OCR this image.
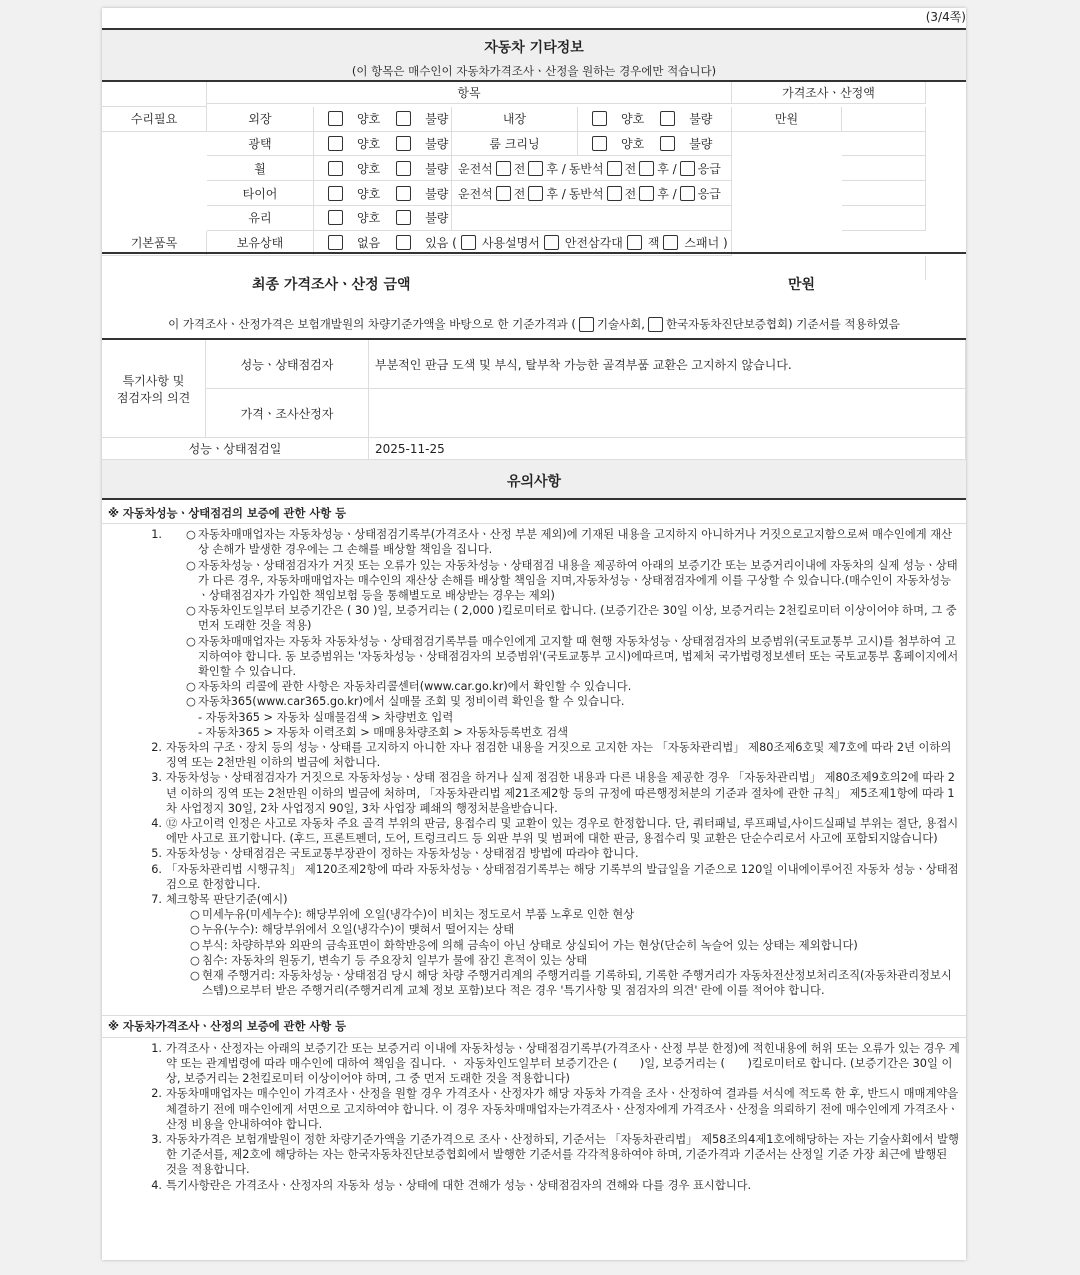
(3/4쪽)
자동차 기타정보
(이 항목은 매수인이 자동차가격조사ㆍ산정을 원하는 경우에만 적습니다)
항목	가격조사ㆍ산정액
수리필요	외장	양호	불량	내장	양호	불량	만원
광택	양호	불량	룸 크리닝	양호	불량
휠	양호	불량 운전석 전 후 / 동반석 전 후 / 응급
타이어	양호	불량 운전석 전 후 / 동반석 전 후 / 응급
유리	양호	불량
기본품목	보유상태	없음	있음 ( 사용설명서 안전삼각대 잭 스패너 )
최종 가격조사ㆍ산정 금액	만원
이 가격조사ㆍ산정가격은 보험개발원의 차량기준가액을 바탕으로 한 기준가격과 ( 기술사회, 한국자동차진단보증협회) 기준서를 적용하였음
특기사항 및
점검자의 의견
성능ㆍ상태점검자	부분적인 판금 도색 및 부식, 탈부착 가능한 골격부품 교환은 고지하지 않습니다.
가격ㆍ조사산정자
성능ㆍ상태점검일	2025-11-25
유의사항
※ 자동차성능ㆍ상태점검의 보증에 관한 사항 등
1.	○ 자동차매매업자는 자동차성능ㆍ상태점검기록부(가격조사ㆍ산정 부분 제외)에 기재된 내용을 고지하지 아니하거나 거짓으로고지함으로써 매수인에게 재산상 손해가 발생한 경우에는 그 손해를 배상할 책임을 집니다.
○ 자동차성능ㆍ상태점검자가 거짓 또는 오류가 있는 자동차성능ㆍ상태점검 내용을 제공하여 아래의 보증기간 또는 보증거리이내에 자동차의 실제 성능ㆍ상태가 다른 경우, 자동차매매업자는 매수인의 재산상 손해를 배상할 책임을 지며,자동차성능ㆍ상태점검자에게 이를 구상할 수 있습니다.(매수인이 자동차성능ㆍ상태점검자가 가입한 책임보험 등을 통해별도로 배상받는 경우는 제외)
○ 자동차인도일부터 보증기간은 ( 30 )일, 보증거리는 ( 2,000 )킬로미터로 합니다. (보증기간은 30일 이상, 보증거리는 2천킬로미터 이상이어야 하며, 그 중 먼저 도래한 것을 적용)
○ 자동차매매업자는 자동차 자동차성능ㆍ상태점검기록부를 매수인에게 고지할 때 현행 자동차성능ㆍ상태점검자의 보증범위(국토교통부 고시)를 첨부하여 고지하여야 합니다. 동 보증범위는 '자동차성능ㆍ상태점검자의 보증범위'(국토교통부 고시)에따르며, 법제처 국가법령정보센터 또는 국토교통부 홈페이지에서 확인할 수 있습니다.
○ 자동차의 리콜에 관한 사항은 자동차리콜센터(www.car.go.kr)에서 확인할 수 있습니다.
○ 자동차365(www.car365.go.kr)에서 실매물 조회 및 정비이력 확인을 할 수 있습니다.
- 자동차365 > 자동차 실매물검색 > 차량번호 입력
- 자동차365 > 자동차 이력조회 > 매매용차량조회 > 자동차등록번호 검색
2. 자동차의 구조ㆍ장치 등의 성능ㆍ상태를 고지하지 아니한 자나 점검한 내용을 거짓으로 고지한 자는 「자동차관리법」 제80조제6호및 제7호에 따라 2년 이하의 징역 또는 2천만원 이하의 벌금에 처합니다.
3. 자동차성능ㆍ상태점검자가 거짓으로 자동차성능ㆍ상태 점검을 하거나 실제 점검한 내용과 다른 내용을 제공한 경우 「자동차관리법」 제80조제9호의2에 따라 2년 이하의 징역 또는 2천만원 이하의 벌금에 처하며, 「자동차관리법 제21조제2항 등의 규정에 따른행정처분의 기준과 절차에 관한 규칙」 제5조제1항에 따라 1차 사업정지 30일, 2차 사업정지 90일, 3차 사업장 폐쇄의 행정처분을받습니다.
4. ⑫ 사고이력 인정은 사고로 자동차 주요 골격 부위의 판금, 용접수리 및 교환이 있는 경우로 한정합니다. 단, 쿼터패널, 루프패널,사이드실패널 부위는 절단, 용접시에만 사고로 표기합니다. (후드, 프론트펜더, 도어, 트렁크리드 등 외판 부위 및 범퍼에 대한 판금, 용접수리 및 교환은 단순수리로서 사고에 포함되지않습니다)
5. 자동차성능ㆍ상태점검은 국토교통부장관이 정하는 자동차성능ㆍ상태점검 방법에 따라야 합니다.
6. 「자동차관리법 시행규칙」 제120조제2항에 따라 자동차성능ㆍ상태점검기록부는 해당 기록부의 발급일을 기준으로 120일 이내에이루어진 자동차 성능ㆍ상태점검으로 한정합니다.
7. 체크항목 판단기준(예시)
○ 미세누유(미세누수): 해당부위에 오일(냉각수)이 비치는 정도로서 부품 노후로 인한 현상
○ 누유(누수): 해당부위에서 오일(냉각수)이 맺혀서 떨어지는 상태
○ 부식: 차량하부와 외판의 금속표면이 화학반응에 의해 금속이 아닌 상태로 상실되어 가는 현상(단순히 녹슬어 있는 상태는 제외합니다)
○ 침수: 자동차의 원동기, 변속기 등 주요장치 일부가 물에 잠긴 흔적이 있는 상태
○ 현재 주행거리: 자동차성능ㆍ상태점검 당시 해당 차량 주행거리계의 주행거리를 기록하되, 기록한 주행거리가 자동차전산정보처리조직(자동차관리정보시스템)으로부터 받은 주행거리(주행거리계 교체 정보 포함)보다 적은 경우 '특기사항 및 점검자의 의견' 란에 이를 적어야 합니다.
※ 자동차가격조사ㆍ산정의 보증에 관한 사항 등
1. 가격조사ㆍ산정자는 아래의 보증기간 또는 보증거리 이내에 자동차성능ㆍ상태점검기록부(가격조사ㆍ산정 부분 한정)에 적힌내용에 허위 또는 오류가 있는 경우 계약 또는 관계법령에 따라 매수인에 대하여 책임을 집니다. ㆍ 자동차인도일부터 보증기간은 (　　)일, 보증거리는 (　　)킬로미터로 합니다. (보증기간은 30일 이상, 보증거리는 2천킬로미터 이상이어야 하며, 그 중 먼저 도래한 것을 적용합니다)
2. 자동차매매업자는 매수인이 가격조사ㆍ산정을 원할 경우 가격조사ㆍ산정자가 해당 자동차 가격을 조사ㆍ산정하여 결과를 서식에 적도록 한 후, 반드시 매매계약을 체결하기 전에 매수인에게 서면으로 고지하여야 합니다. 이 경우 자동차매매업자는가격조사ㆍ산정자에게 가격조사ㆍ산정을 의뢰하기 전에 매수인에게 가격조사ㆍ산정 비용을 안내하여야 합니다.
3. 자동차가격은 보험개발원이 정한 차량기준가액을 기준가격으로 조사ㆍ산정하되, 기준서는 「자동차관리법」 제58조의4제1호에해당하는 자는 기술사회에서 발행한 기준서를, 제2호에 해당하는 자는 한국자동차진단보증협회에서 발행한 기준서를 각각적용하여야 하며, 기준가격과 기준서는 산정일 기준 가장 최근에 발행된 것을 적용합니다.
4. 특기사항란은 가격조사ㆍ산정자의 자동차 성능ㆍ상태에 대한 견해가 성능ㆍ상태점검자의 견해와 다를 경우 표시합니다.
